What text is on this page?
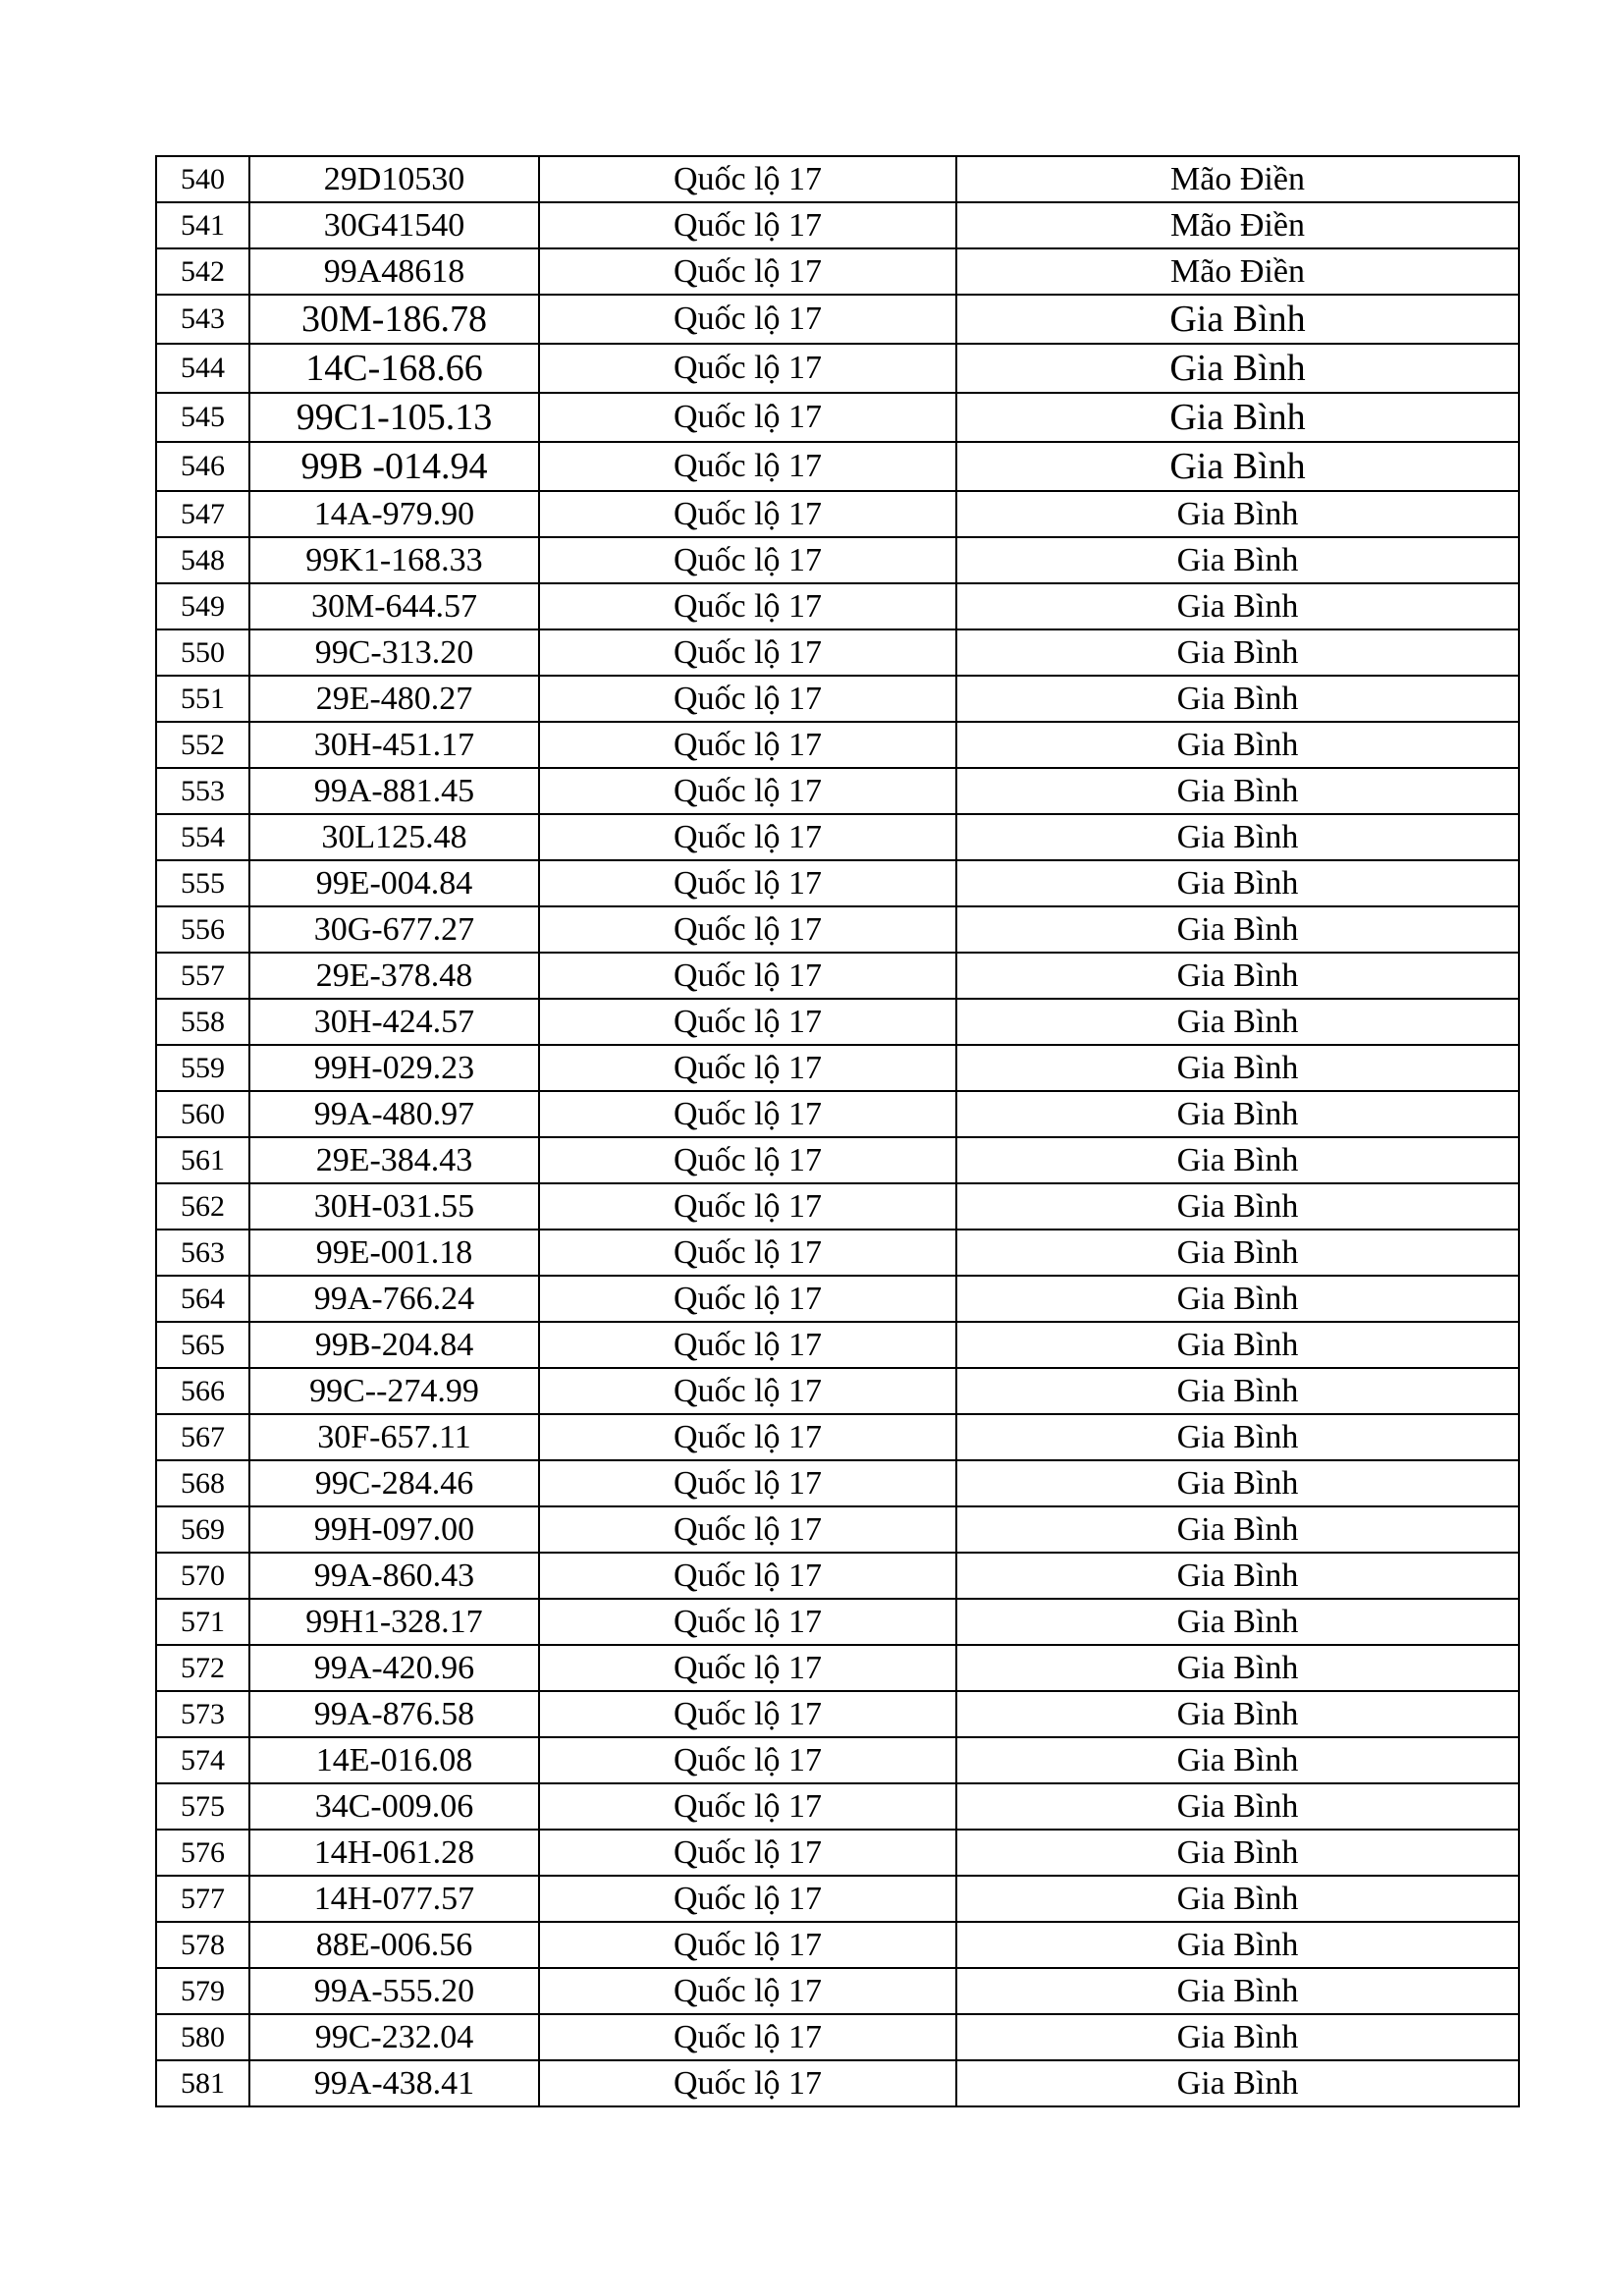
540	29D10530	Quốc lộ 17	Mão Điền
541	30G41540	Quốc lộ 17	Mão Điền
542	99A48618	Quốc lộ 17	Mão Điền
543	30M-186.78	Quốc lộ 17	Gia Bình
544	14C-168.66	Quốc lộ 17	Gia Bình
545	99C1-105.13	Quốc lộ 17	Gia Bình
546	99B -014.94	Quốc lộ 17	Gia Bình
547	14A-979.90	Quốc lộ 17	Gia Bình
548	99K1-168.33	Quốc lộ 17	Gia Bình
549	30M-644.57	Quốc lộ 17	Gia Bình
550	99C-313.20	Quốc lộ 17	Gia Bình
551	29E-480.27	Quốc lộ 17	Gia Bình
552	30H-451.17	Quốc lộ 17	Gia Bình
553	99A-881.45	Quốc lộ 17	Gia Bình
554	30L125.48	Quốc lộ 17	Gia Bình
555	99E-004.84	Quốc lộ 17	Gia Bình
556	30G-677.27	Quốc lộ 17	Gia Bình
557	29E-378.48	Quốc lộ 17	Gia Bình
558	30H-424.57	Quốc lộ 17	Gia Bình
559	99H-029.23	Quốc lộ 17	Gia Bình
560	99A-480.97	Quốc lộ 17	Gia Bình
561	29E-384.43	Quốc lộ 17	Gia Bình
562	30H-031.55	Quốc lộ 17	Gia Bình
563	99E-001.18	Quốc lộ 17	Gia Bình
564	99A-766.24	Quốc lộ 17	Gia Bình
565	99B-204.84	Quốc lộ 17	Gia Bình
566	99C--274.99	Quốc lộ 17	Gia Bình
567	30F-657.11	Quốc lộ 17	Gia Bình
568	99C-284.46	Quốc lộ 17	Gia Bình
569	99H-097.00	Quốc lộ 17	Gia Bình
570	99A-860.43	Quốc lộ 17	Gia Bình
571	99H1-328.17	Quốc lộ 17	Gia Bình
572	99A-420.96	Quốc lộ 17	Gia Bình
573	99A-876.58	Quốc lộ 17	Gia Bình
574	14E-016.08	Quốc lộ 17	Gia Bình
575	34C-009.06	Quốc lộ 17	Gia Bình
576	14H-061.28	Quốc lộ 17	Gia Bình
577	14H-077.57	Quốc lộ 17	Gia Bình
578	88E-006.56	Quốc lộ 17	Gia Bình
579	99A-555.20	Quốc lộ 17	Gia Bình
580	99C-232.04	Quốc lộ 17	Gia Bình
581	99A-438.41	Quốc lộ 17	Gia Bình
